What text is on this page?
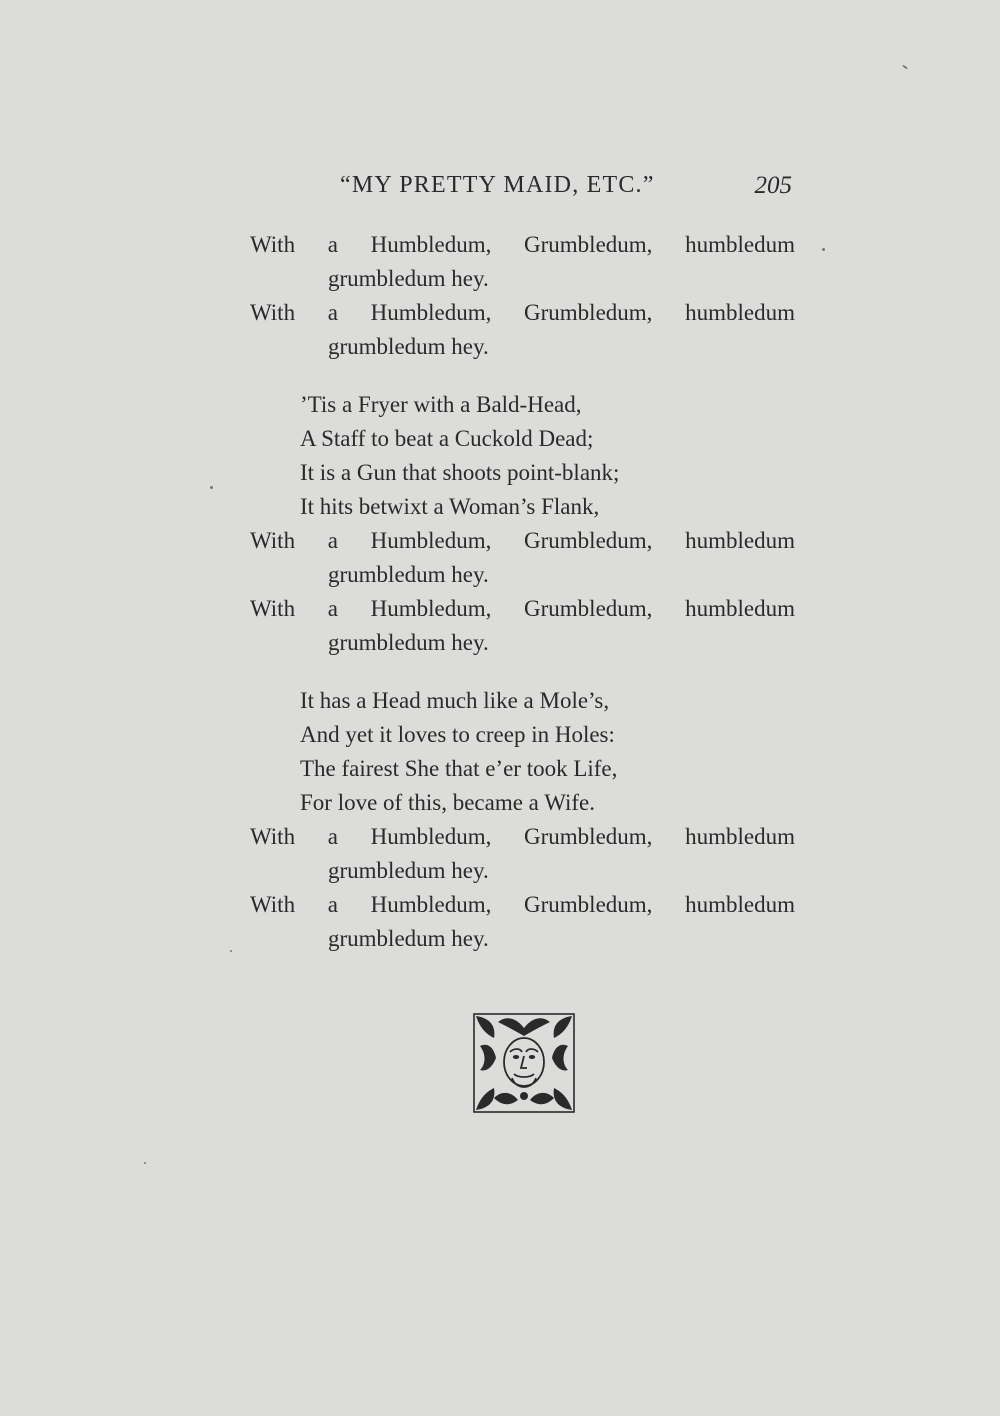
“MY PRETTY MAID, ETC.”	205
With a Humbledum, Grumbledum, humbledum
grumbledum hey.
With a Humbledum, Grumbledum, humbledum
grumbledum hey.
’Tis a Fryer with a Bald-Head,
A Staff to beat a Cuckold Dead;
It is a Gun that shoots point-blank;
It hits betwixt a Woman’s Flank,
With a Humbledum, Grumbledum, humbledum
grumbledum hey.
With a Humbledum, Grumbledum, humbledum
grumbledum hey.
It has a Head much like a Mole’s,
And yet it loves to creep in Holes:
The fairest She that e’er took Life,
For love of this, became a Wife.
With a Humbledum, Grumbledum, humbledum
grumbledum hey.
With a Humbledum, Grumbledum, humbledum
grumbledum hey.
